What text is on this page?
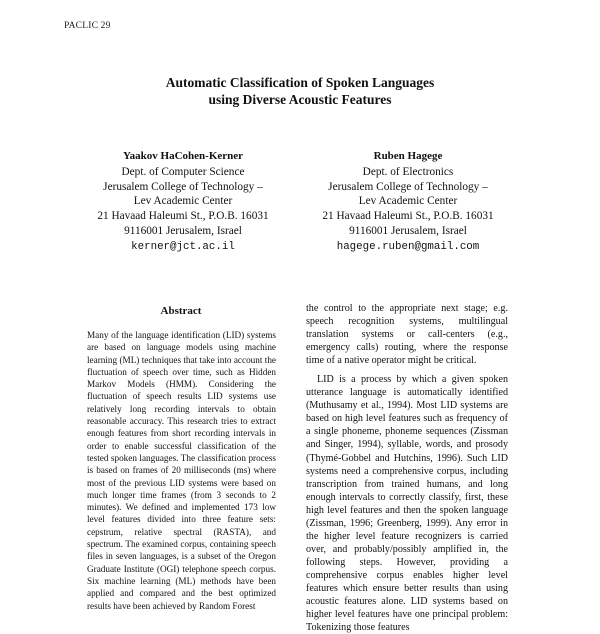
PACLIC 29
Automatic Classification of Spoken Languages
using Diverse Acoustic Features
Yaakov HaCohen-Kerner
Dept. of Computer Science
Jerusalem College of Technology –
Lev Academic Center
21 Havaad Haleumi St., P.O.B. 16031
9116001 Jerusalem, Israel
kerner@jct.ac.il
Ruben Hagege
Dept. of Electronics
Jerusalem College of Technology –
Lev Academic Center
21 Havaad Haleumi St., P.O.B. 16031
9116001 Jerusalem, Israel
hagege.ruben@gmail.com
Abstract

Many of the language identification (LID) systems are based on language models using machine learning (ML) techniques that take into account the fluctuation of speech over time, such as Hidden Markov Models (HMM). Considering the fluctuation of speech results LID systems use relatively long recording intervals to obtain reasonable accuracy. This research tries to extract enough features from short recording intervals in order to enable successful classification of the tested spoken languages. The classification process is based on frames of 20 milliseconds (ms) where most of the previous LID systems were based on much longer time frames (from 3 seconds to 2 minutes). We defined and implemented 173 low level features divided into three feature sets: cepstrum, relative spectral (RASTA), and spectrum. The examined corpus, containing speech files in seven languages, is a subset of the Oregon Graduate Institute (OGI) telephone speech corpus. Six machine learning (ML) methods have been applied and compared and the best optimized results have been achieved by Random Forest

the control to the appropriate next stage; e.g. speech recognition systems, multilingual translation systems or call-centers (e.g., emergency calls) routing, where the response time of a native operator might be critical.

LID is a process by which a given spoken utterance language is automatically identified (Muthusamy et al., 1994). Most LID systems are based on high level features such as frequency of a single phoneme, phoneme sequences (Zissman and Singer, 1994), syllable, words, and prosody (Thymé-Gobbel and Hutchins, 1996). Such LID systems need a comprehensive corpus, including transcription from trained humans, and long enough intervals to correctly classify, first, these high level features and then the spoken language (Zissman, 1996; Greenberg, 1999). Any error in the higher level feature recognizers is carried over, and probably/possibly amplified in, the following steps. However, providing a comprehensive corpus enables higher level features which ensure better results than using acoustic features alone. LID systems based on higher level features have one principal problem: Tokenizing those features
